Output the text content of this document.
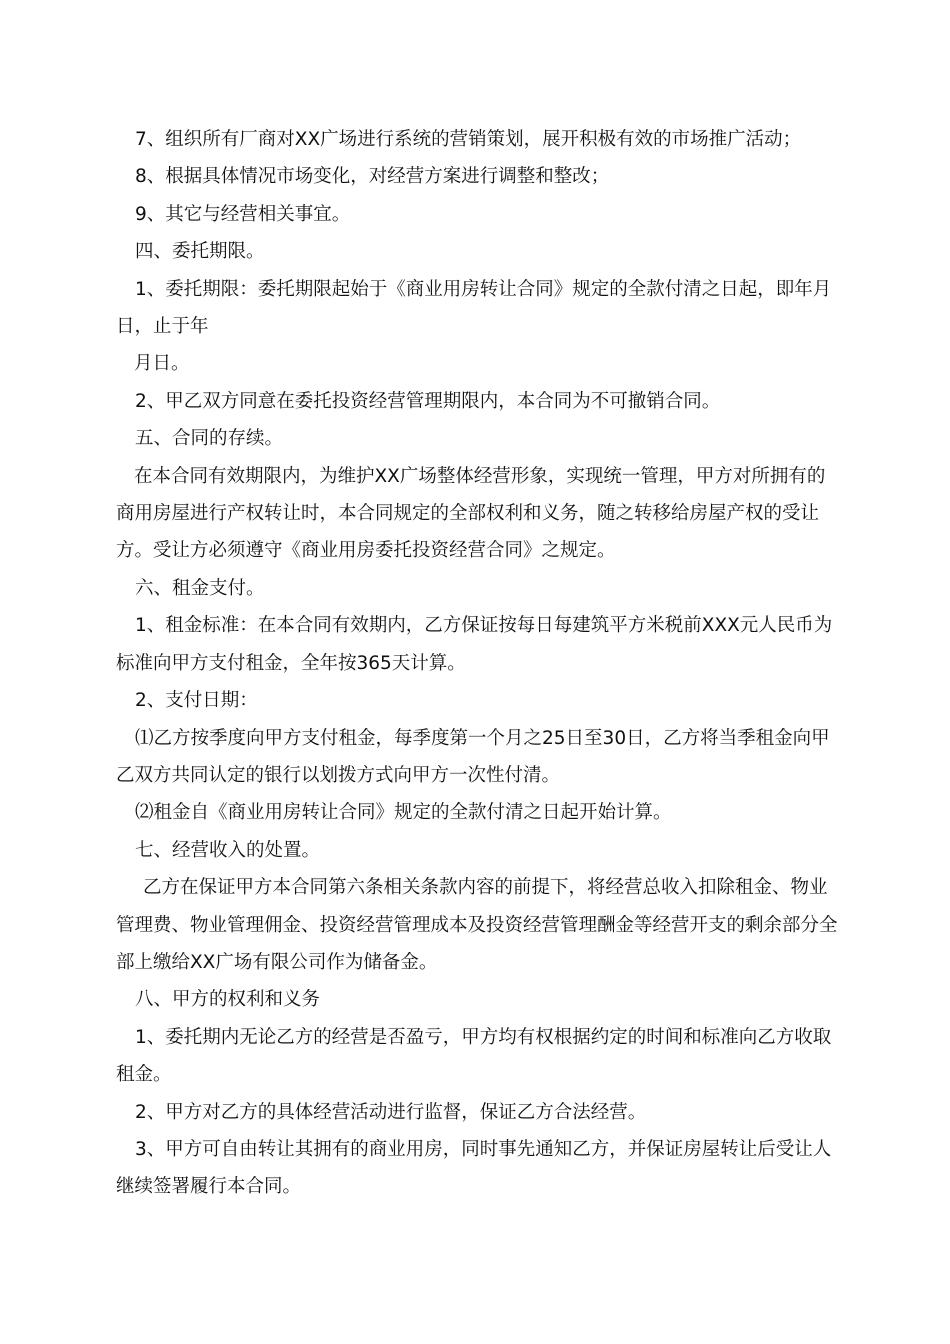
7、组织所有厂商对XX广场进行系统的营销策划，展开积极有效的市场推广活动；

8、根据具体情况市场变化，对经营方案进行调整和整改；

9、其它与经营相关事宜。

四、委托期限。

1、委托期限：委托期限起始于《商业用房转让合同》规定的全款付清之日起，即年月日，止于年

月日。

2、甲乙双方同意在委托投资经营管理期限内，本合同为不可撤销合同。

五、合同的存续。

在本合同有效期限内，为维护XX广场整体经营形象，实现统一管理，甲方对所拥有的商用房屋进行产权转让时，本合同规定的全部权利和义务，随之转移给房屋产权的受让方。受让方必须遵守《商业用房委托投资经营合同》之规定。

六、租金支付。

1、租金标准：在本合同有效期内，乙方保证按每日每建筑平方米税前XXX元人民币为标准向甲方支付租金，全年按365天计算。

2、支付日期：

⑴乙方按季度向甲方支付租金，每季度第一个月之25日至30日，乙方将当季租金向甲乙双方共同认定的银行以划拨方式向甲方一次性付清。

⑵租金自《商业用房转让合同》规定的全款付清之日起开始计算。

七、经营收入的处置。

乙方在保证甲方本合同第六条相关条款内容的前提下，将经营总收入扣除租金、物业管理费、物业管理佣金、投资经营管理成本及投资经营管理酬金等经营开支的剩余部分全部上缴给XX广场有限公司作为储备金。

八、甲方的权利和义务

1、委托期内无论乙方的经营是否盈亏，甲方均有权根据约定的时间和标准向乙方收取租金。

2、甲方对乙方的具体经营活动进行监督，保证乙方合法经营。

3、甲方可自由转让其拥有的商业用房，同时事先通知乙方，并保证房屋转让后受让人继续签署履行本合同。
